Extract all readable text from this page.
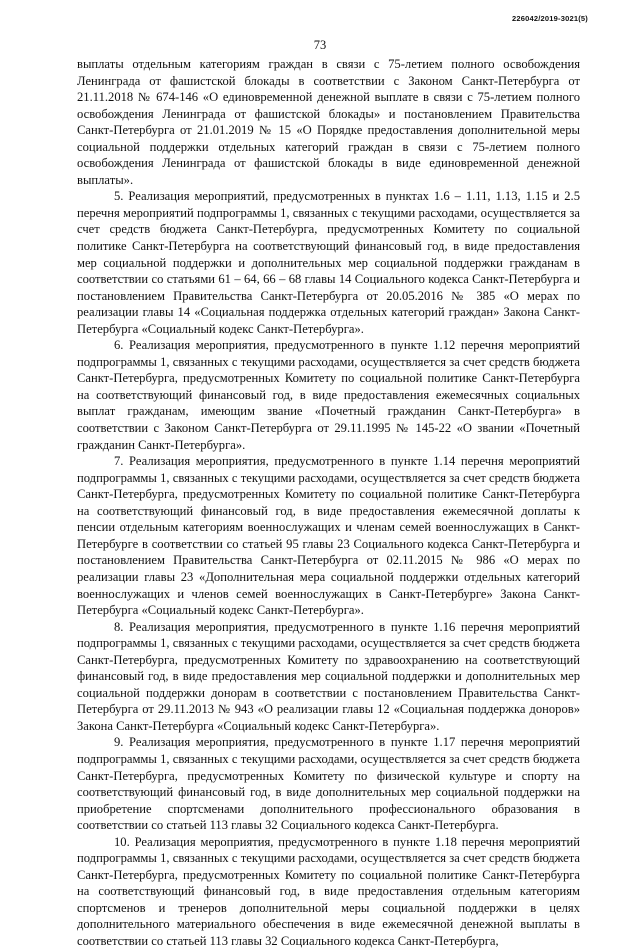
226042/2019-3021(5)
73

выплаты отдельным категориям граждан в связи с 75-летием полного освобождения Ленинграда от фашистской блокады в соответствии с Законом Санкт-Петербурга от 21.11.2018 № 674-146 «О единовременной денежной выплате в связи с 75-летием полного освобождения Ленинграда от фашистской блокады» и постановлением Правительства Санкт-Петербурга от 21.01.2019 № 15 «О Порядке предоставления дополнительной меры социальной поддержки отдельных категорий граждан в связи с 75-летием полного освобождения Ленинграда от фашистской блокады в виде единовременной денежной выплаты».

5. Реализация мероприятий, предусмотренных в пунктах 1.6 – 1.11, 1.13, 1.15 и 2.5 перечня мероприятий подпрограммы 1, связанных с текущими расходами, осуществляется за счет средств бюджета Санкт-Петербурга, предусмотренных Комитету по социальной политике Санкт-Петербурга на соответствующий финансовый год, в виде предоставления мер социальной поддержки и дополнительных мер социальной поддержки гражданам в соответствии со статьями 61 – 64, 66 – 68 главы 14 Социального кодекса Санкт-Петербурга и постановлением Правительства Санкт-Петербурга от 20.05.2016 № 385 «О мерах по реализации главы 14 «Социальная поддержка отдельных категорий граждан» Закона Санкт-Петербурга «Социальный кодекс Санкт-Петербурга».

6. Реализация мероприятия, предусмотренного в пункте 1.12 перечня мероприятий подпрограммы 1, связанных с текущими расходами, осуществляется за счет средств бюджета Санкт-Петербурга, предусмотренных Комитету по социальной политике Санкт-Петербурга на соответствующий финансовый год, в виде предоставления ежемесячных социальных выплат гражданам, имеющим звание «Почетный гражданин Санкт-Петербурга» в соответствии с Законом Санкт-Петербурга от 29.11.1995 № 145-22 «О звании «Почетный гражданин Санкт-Петербурга».

7. Реализация мероприятия, предусмотренного в пункте 1.14 перечня мероприятий подпрограммы 1, связанных с текущими расходами, осуществляется за счет средств бюджета Санкт-Петербурга, предусмотренных Комитету по социальной политике Санкт-Петербурга на соответствующий финансовый год, в виде предоставления ежемесячной доплаты к пенсии отдельным категориям военнослужащих и членам семей военнослужащих в Санкт-Петербурге в соответствии со статьей 95 главы 23 Социального кодекса Санкт-Петербурга и постановлением Правительства Санкт-Петербурга от 02.11.2015 № 986 «О мерах по реализации главы 23 «Дополнительная мера социальной поддержки отдельных категорий военнослужащих и членов семей военнослужащих в Санкт-Петербурге» Закона Санкт-Петербурга «Социальный кодекс Санкт-Петербурга».

8. Реализация мероприятия, предусмотренного в пункте 1.16 перечня мероприятий подпрограммы 1, связанных с текущими расходами, осуществляется за счет средств бюджета Санкт-Петербурга, предусмотренных Комитету по здравоохранению на соответствующий финансовый год, в виде предоставления мер социальной поддержки и дополнительных мер социальной поддержки донорам в соответствии с постановлением Правительства Санкт-Петербурга от 29.11.2013 № 943 «О реализации главы 12 «Социальная поддержка доноров» Закона Санкт-Петербурга «Социальный кодекс Санкт-Петербурга».

9. Реализация мероприятия, предусмотренного в пункте 1.17 перечня мероприятий подпрограммы 1, связанных с текущими расходами, осуществляется за счет средств бюджета Санкт-Петербурга, предусмотренных Комитету по физической культуре и спорту на соответствующий финансовый год, в виде дополнительных мер социальной поддержки на приобретение спортсменами дополнительного профессионального образования в соответствии со статьей 113 главы 32 Социального кодекса Санкт-Петербурга.

10. Реализация мероприятия, предусмотренного в пункте 1.18 перечня мероприятий подпрограммы 1, связанных с текущими расходами, осуществляется за счет средств бюджета Санкт-Петербурга, предусмотренных Комитету по социальной политике Санкт-Петербурга на соответствующий финансовый год, в виде предоставления отдельным категориям спортсменов и тренеров дополнительной меры социальной поддержки в целях дополнительного материального обеспечения в виде ежемесячной денежной выплаты в соответствии со статьей 113 главы 32 Социального кодекса Санкт-Петербурга,
